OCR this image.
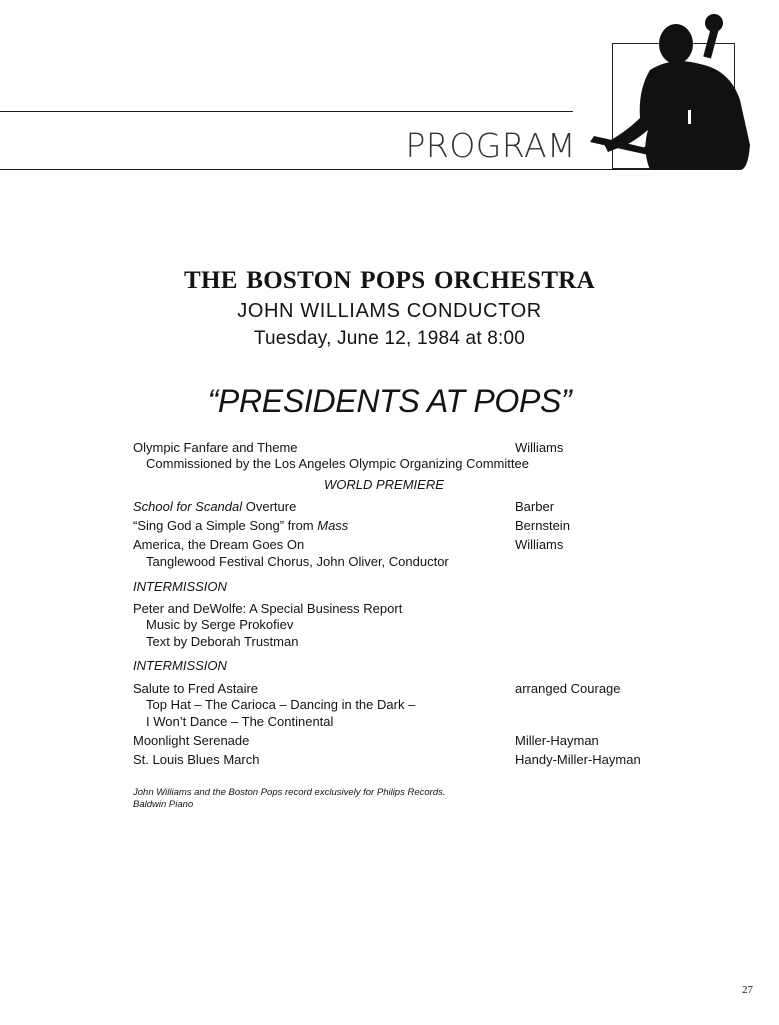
PROGRAM
THE BOSTON POPS ORCHESTRA
JOHN WILLIAMS CONDUCTOR
Tuesday, June 12, 1984 at 8:00
“PRESIDENTS AT POPS”
Olympic Fanfare and Theme	Williams
Commissioned by the Los Angeles Olympic Organizing Committee
WORLD PREMIERE
School for Scandal Overture	Barber
“Sing God a Simple Song” from Mass	Bernstein
America, the Dream Goes On	Williams
Tanglewood Festival Chorus, John Oliver, Conductor
INTERMISSION
Peter and DeWolfe: A Special Business Report
Music by Serge Prokofiev
Text by Deborah Trustman
INTERMISSION
Salute to Fred Astaire	arranged Courage
Top Hat – The Carioca – Dancing in the Dark –
I Won’t Dance – The Continental
Moonlight Serenade	Miller-Hayman
St. Louis Blues March	Handy-Miller-Hayman
John Williams and the Boston Pops record exclusively for Philips Records.
Baldwin Piano
27
